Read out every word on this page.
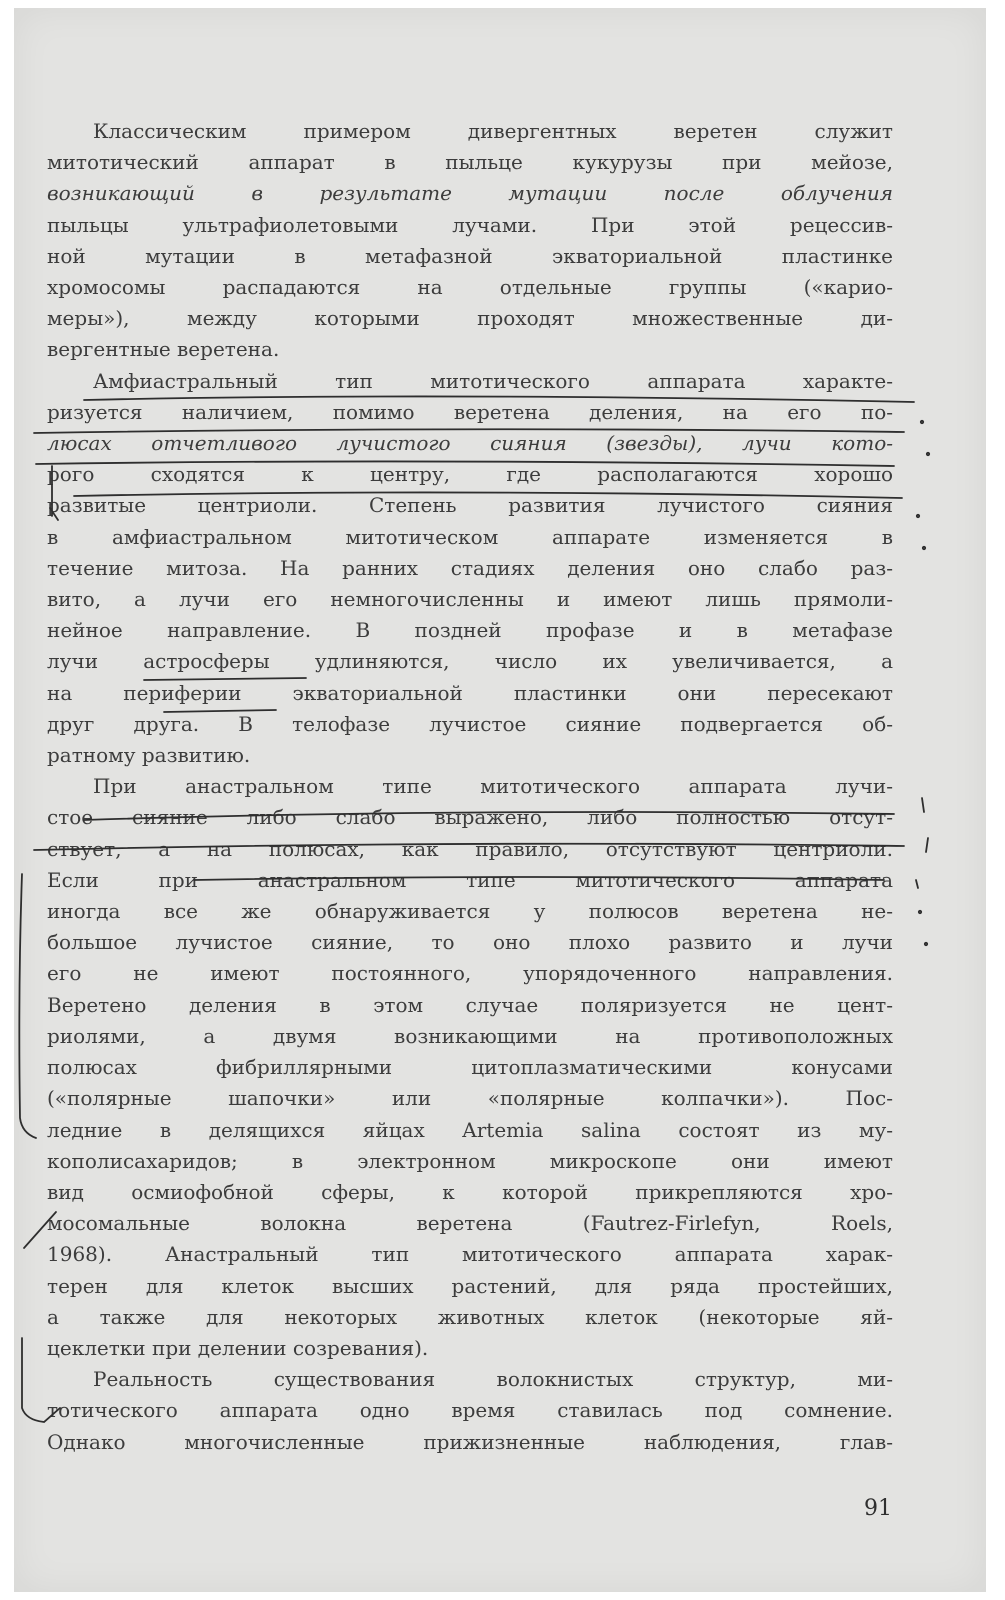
Классическим примером дивергентных веретен служит
митотический аппарат в пыльце кукурузы при мейозе,
возникающий в результате мутации после облучения
пыльцы ультрафиолетовыми лучами. При этой рецессив-
ной мутации в метафазной экваториальной пластинке
хромосомы распадаются на отдельные группы («карио-
меры»), между которыми проходят множественные ди-
вергентные веретена.

Амфиастральный тип митотического аппарата характе-
ризуется наличием, помимо веретена деления, на его по-
люсах отчетливого лучистого сияния (звезды), лучи кото-
рого сходятся к центру, где располагаются хорошо
развитые центриоли. Степень развития лучистого сияния
в амфиастральном митотическом аппарате изменяется в
течение митоза. На ранних стадиях деления оно слабо раз-
вито, а лучи его немногочисленны и имеют лишь прямоли-
нейное направление. В поздней профазе и в метафазе
лучи астросферы удлиняются, число их увеличивается, а
на периферии экваториальной пластинки они пересекают
друг друга. В телофазе лучистое сияние подвергается об-
ратному развитию.

При анастральном типе митотического аппарата лучи-
стое сияние либо слабо выражено, либо полностью отсут-
ствует, а на полюсах, как правило, отсутствуют центриоли.
Если при анастральном типе митотического аппарата
иногда все же обнаруживается у полюсов веретена не-
большое лучистое сияние, то оно плохо развито и лучи
его не имеют постоянного, упорядоченного направления.
Веретено деления в этом случае поляризуется не цент-
риолями, а двумя возникающими на противоположных
полюсах фибриллярными цитоплазматическими конусами
(«полярные шапочки» или «полярные колпачки»). Пос-
ледние в делящихся яйцах Artemia salina состоят из му-
кополисахаридов; в электронном микроскопе они имеют
вид осмиофобной сферы, к которой прикрепляются хро-
мосомальные волокна веретена (Fautrez-Firlefyn, Roels,
1968). Анастральный тип митотического аппарата харак-
терен для клеток высших растений, для ряда простейших,
а также для некоторых животных клеток (некоторые яй-
цеклетки при делении созревания).

Реальность существования волокнистых структур, ми-
тотического аппарата одно время ставилась под сомнение.
Однако многочисленные прижизненные наблюдения, глав-

91
